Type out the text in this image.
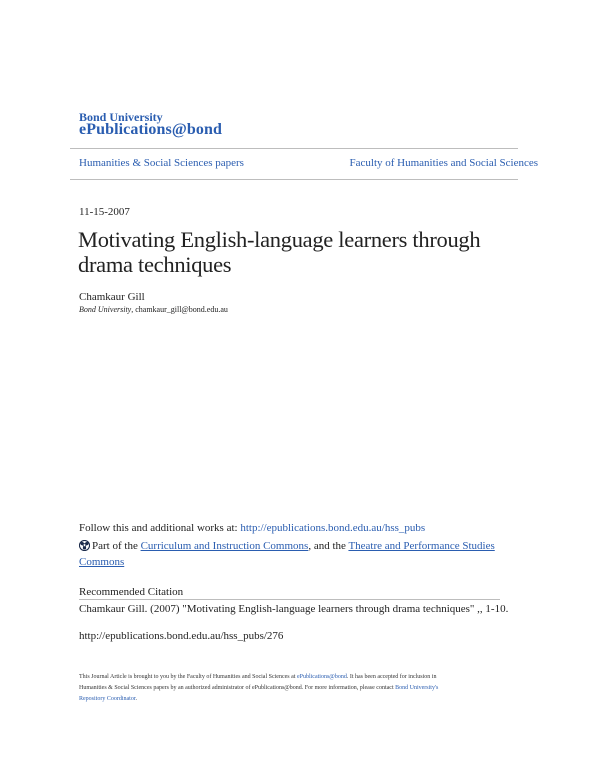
Bond University
ePublications@bond
Humanities & Social Sciences papers	Faculty of Humanities and Social Sciences
11-15-2007
Motivating English-language learners through
drama techniques
Chamkaur Gill
Bond University, chamkaur_gill@bond.edu.au
Follow this and additional works at: http://epublications.bond.edu.au/hss_pubs
Part of the Curriculum and Instruction Commons, and the Theatre and Performance Studies
Commons
Recommended Citation
Chamkaur Gill. (2007) "Motivating English-language learners through drama techniques" ,, 1-10.
http://epublications.bond.edu.au/hss_pubs/276
This Journal Article is brought to you by the Faculty of Humanities and Social Sciences at ePublications@bond. It has been accepted for inclusion in
Humanities & Social Sciences papers by an authorized administrator of ePublications@bond. For more information, please contact Bond University's
Repository Coordinator.
